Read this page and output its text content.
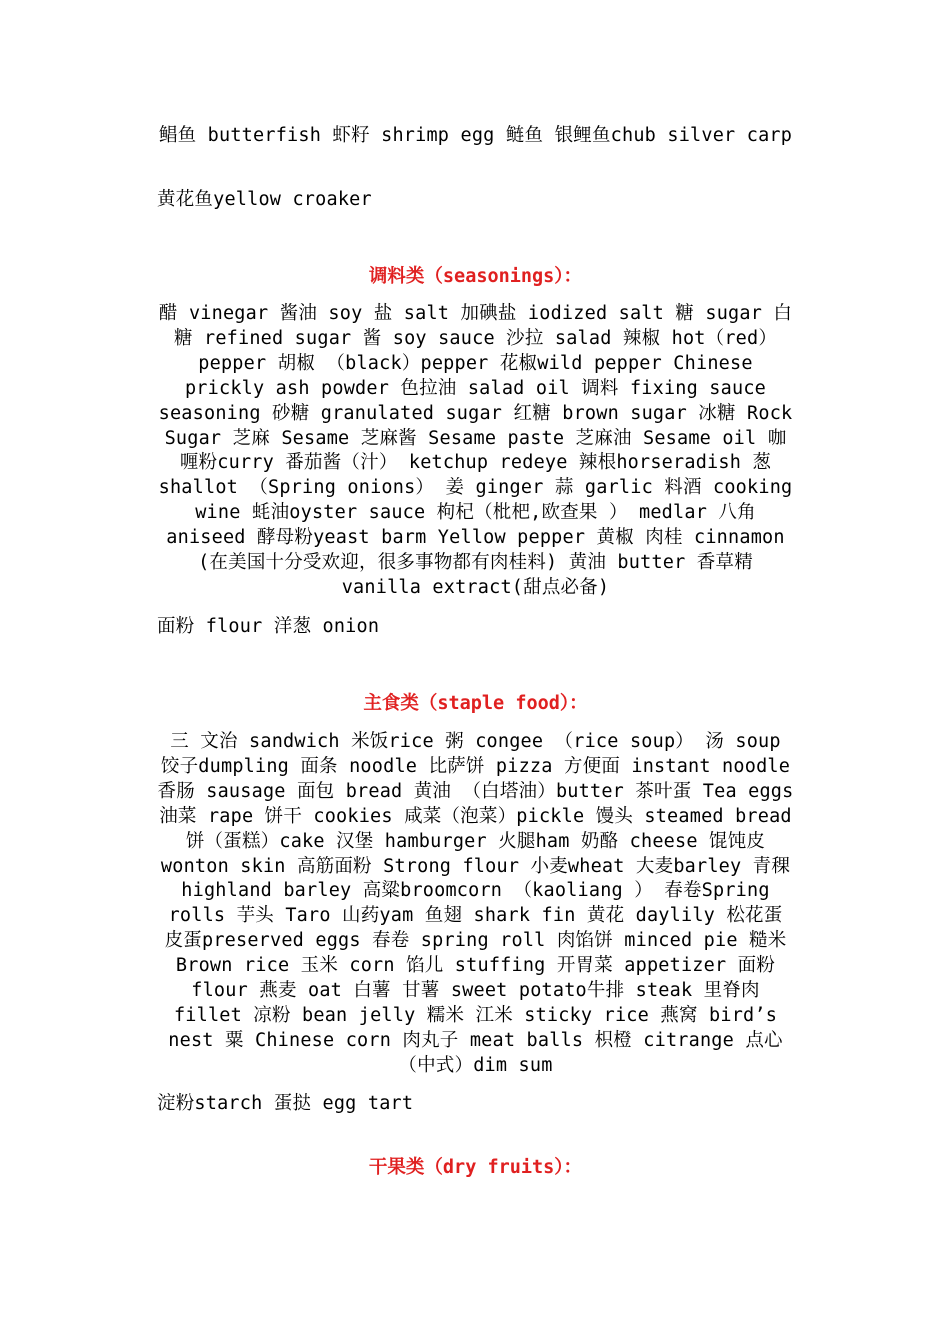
鲳鱼 butterfish 虾籽 shrimp egg 鲢鱼 银鲤鱼chub silver carp

黄花鱼yellow croaker

调料类（seasonings）：

醋 vinegar 酱油 soy 盐 salt 加碘盐 iodized salt 糖 sugar 白糖 refined sugar 酱 soy sauce 沙拉 salad 辣椒 hot（red）pepper 胡椒 （black）pepper 花椒wild pepper Chinese prickly ash powder 色拉油 salad oil 调料 fixing sauce seasoning 砂糖 granulated sugar 红糖 brown sugar 冰糖 Rock Sugar 芝麻 Sesame 芝麻酱 Sesame paste 芝麻油 Sesame oil 咖喱粉curry 番茄酱（汁） ketchup redeye 辣根horseradish 葱 shallot （Spring onions） 姜 ginger 蒜 garlic 料酒 cooking wine 蚝油oyster sauce 枸杞（枇杷,欧查果 ） medlar 八角 aniseed 酵母粉yeast barm Yellow pepper 黄椒 肉桂 cinnamon (在美国十分受欢迎，很多事物都有肉桂料) 黄油 butter 香草精 vanilla extract(甜点必备)

面粉 flour 洋葱 onion

主食类（staple food）：

三 文治 sandwich 米饭rice 粥 congee （rice soup） 汤 soup 饺子dumpling 面条 noodle 比萨饼 pizza 方便面 instant noodle 香肠 sausage 面包 bread 黄油 （白塔油）butter 茶叶蛋 Tea eggs 油菜 rape 饼干 cookies 咸菜（泡菜）pickle 馒头 steamed bread 饼（蛋糕）cake 汉堡 hamburger 火腿ham 奶酪 cheese 馄饨皮 wonton skin 高筋面粉 Strong flour 小麦wheat 大麦barley 青稞highland barley 高粱broomcorn （kaoliang ） 春卷Spring rolls 芋头 Taro 山药yam 鱼翅 shark fin 黄花 daylily 松花蛋 皮蛋preserved eggs 春卷 spring roll 肉馅饼 minced pie 糙米 Brown rice 玉米 corn 馅儿 stuffing 开胃菜 appetizer 面粉 flour 燕麦 oat 白薯 甘薯 sweet potato牛排 steak 里脊肉 fillet 凉粉 bean jelly 糯米 江米 sticky rice 燕窝 bird’s nest 粟 Chinese corn 肉丸子 meat balls 枳橙 citrange 点心（中式）dim sum

淀粉starch 蛋挞 egg tart

干果类（dry fruits）：
